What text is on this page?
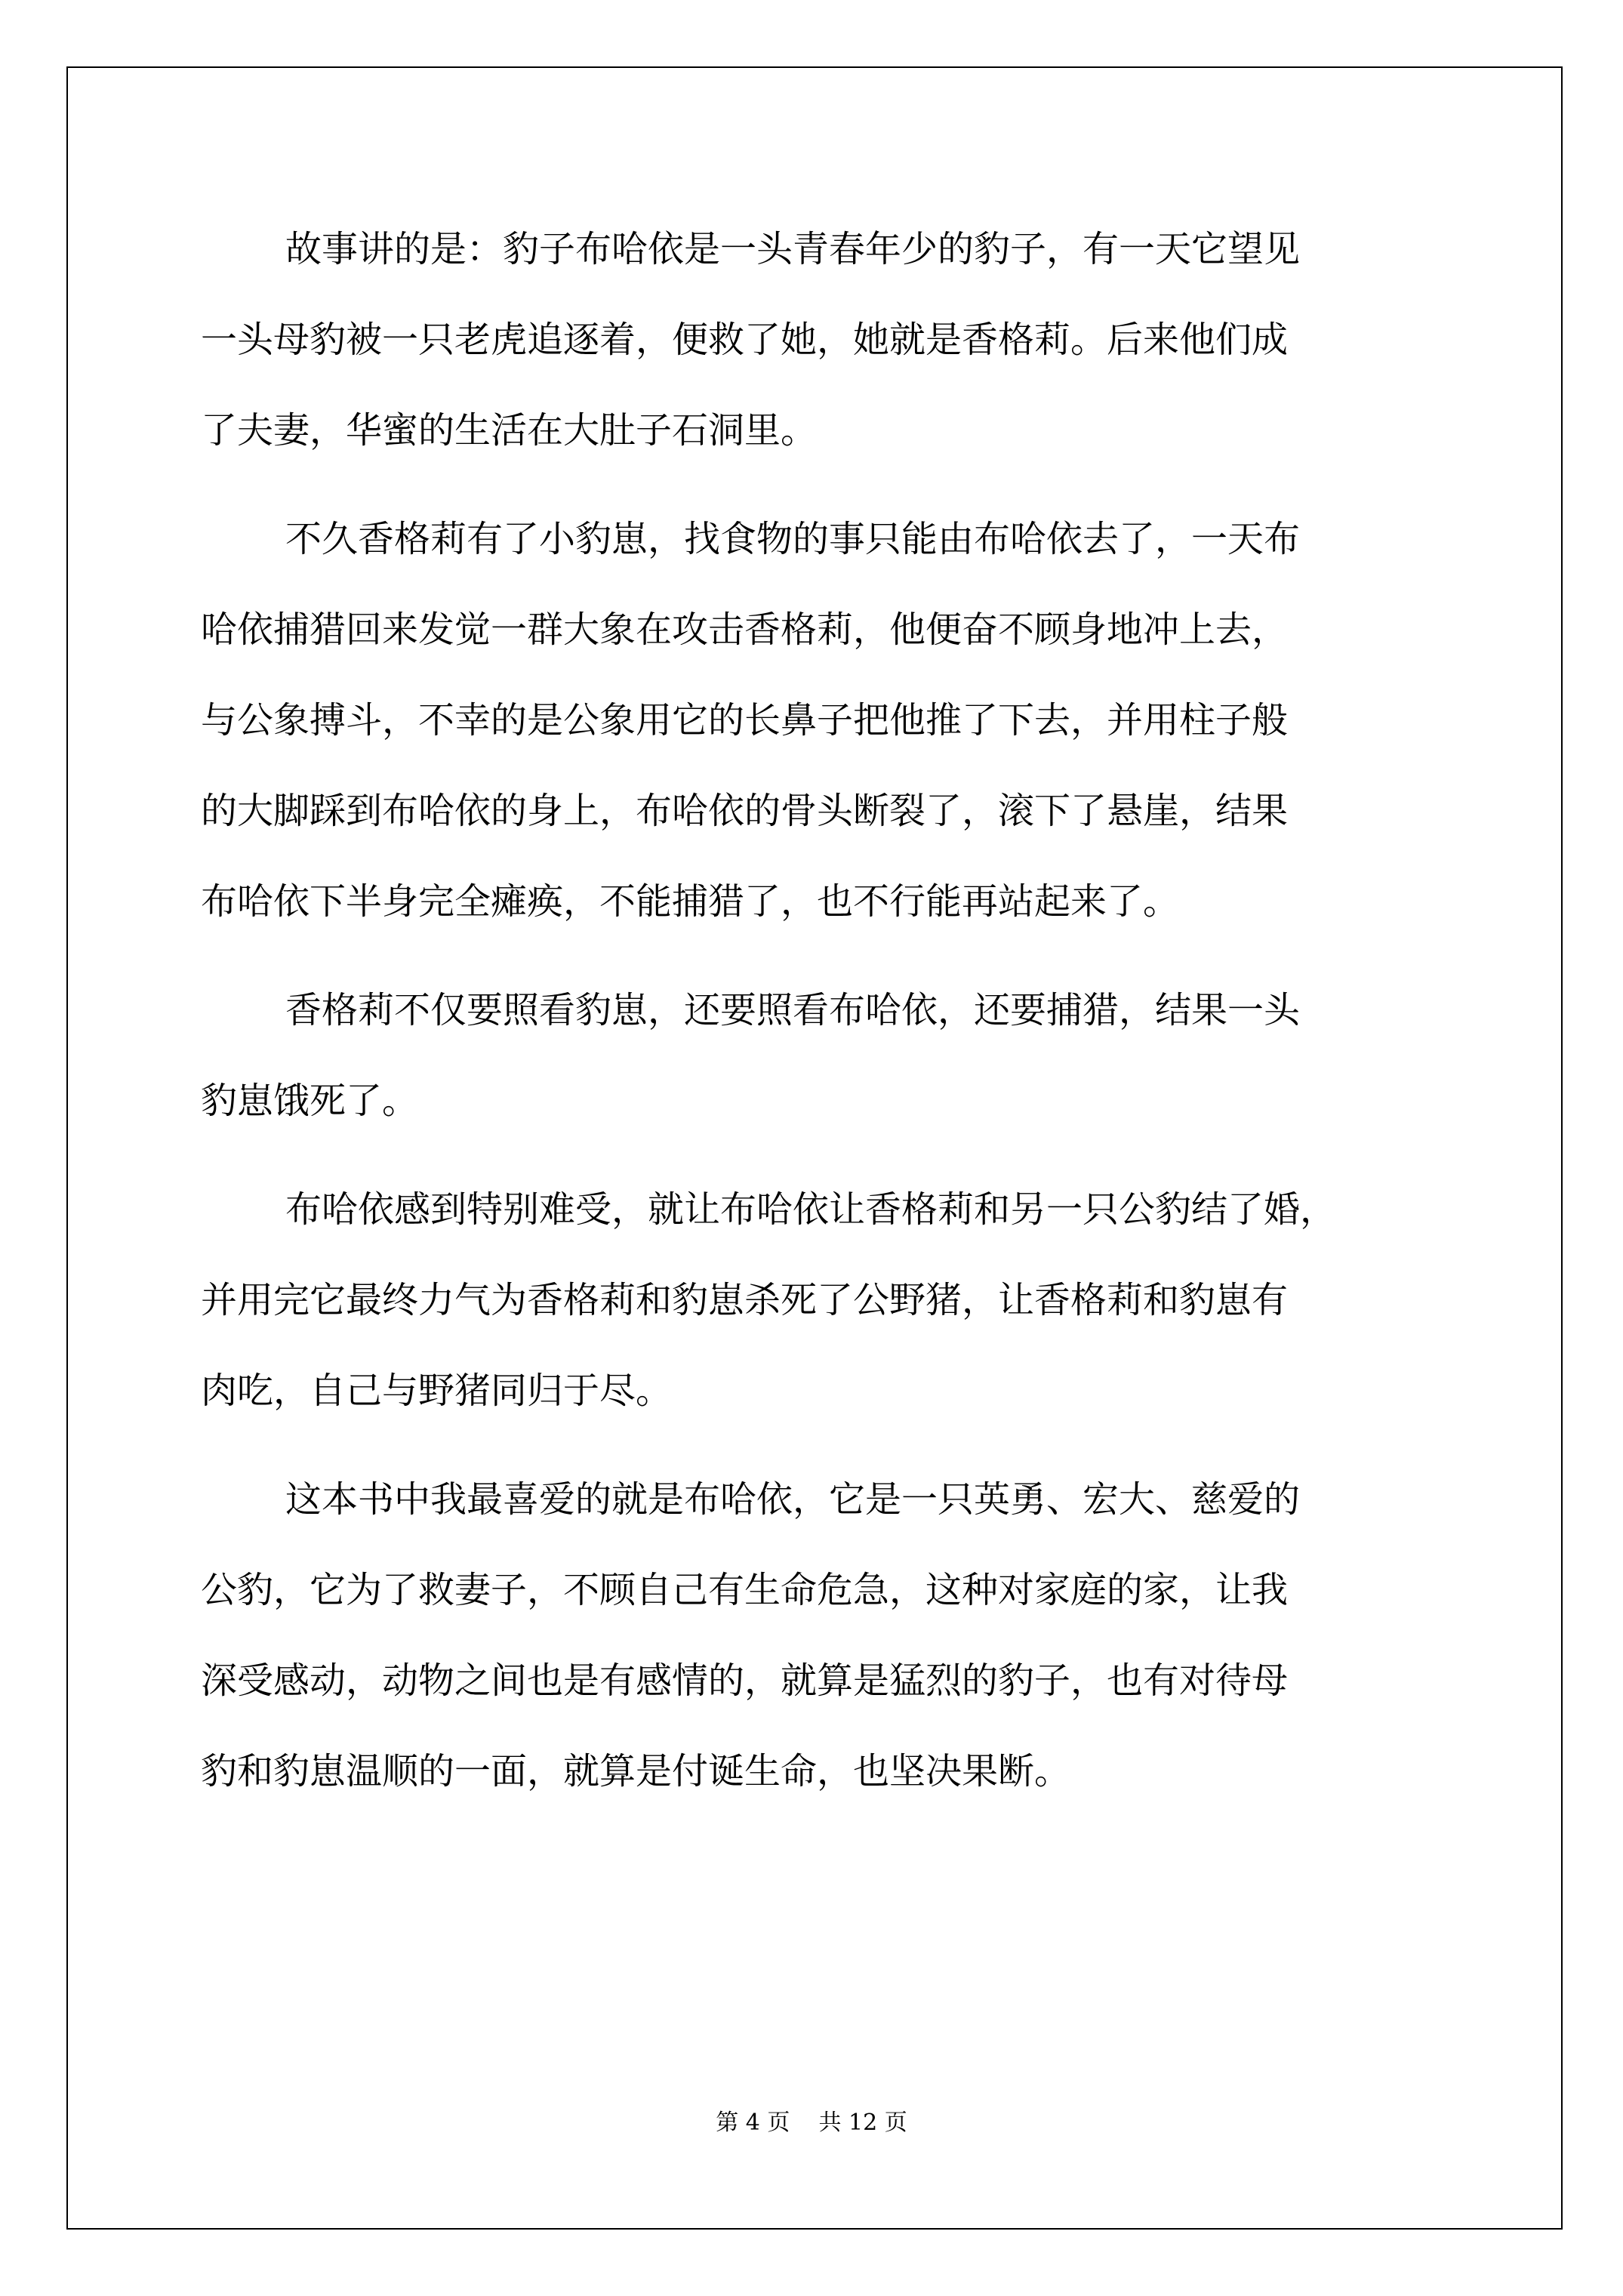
故事讲的是：豹子布哈依是一头青春年少的豹子，有一天它望见
一头母豹被一只老虎追逐着，便救了她，她就是香格莉。后来他们成
了夫妻，华蜜的生活在大肚子石洞里。
不久香格莉有了小豹崽，找食物的事只能由布哈依去了，一天布
哈依捕猎回来发觉一群大象在攻击香格莉，他便奋不顾身地冲上去，
与公象搏斗，不幸的是公象用它的长鼻子把他推了下去，并用柱子般
的大脚踩到布哈依的身上，布哈依的骨头断裂了，滚下了悬崖，结果
布哈依下半身完全瘫痪，不能捕猎了，也不行能再站起来了。
香格莉不仅要照看豹崽，还要照看布哈依，还要捕猎，结果一头
豹崽饿死了。
布哈依感到特别难受，就让布哈依让香格莉和另一只公豹结了婚，
并用完它最终力气为香格莉和豹崽杀死了公野猪，让香格莉和豹崽有
肉吃，自己与野猪同归于尽。
这本书中我最喜爱的就是布哈依，它是一只英勇、宏大、慈爱的
公豹，它为了救妻子，不顾自己有生命危急，这种对家庭的家，让我
深受感动，动物之间也是有感情的，就算是猛烈的豹子，也有对待母
豹和豹崽温顺的一面，就算是付诞生命，也坚决果断。
第 4 页    共 12 页
